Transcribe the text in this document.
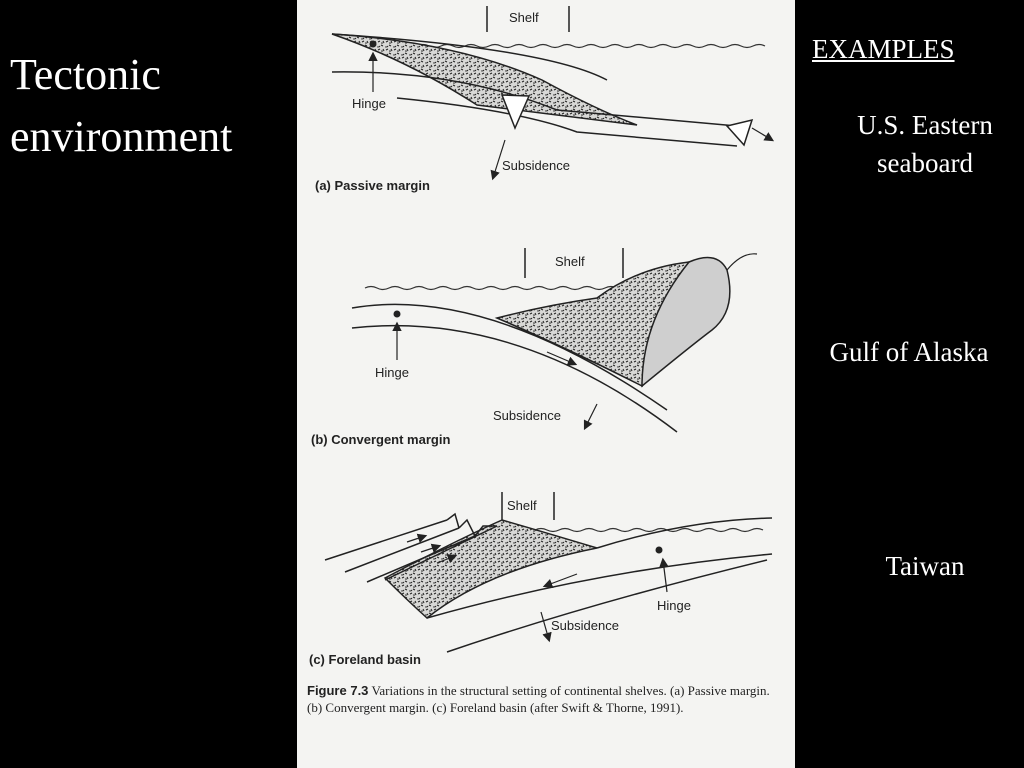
Tectonic environment
EXAMPLES
U.S. Eastern seaboard
Gulf of Alaska
Taiwan
Shelf
Hinge
Subsidence
(a) Passive margin
Shelf
Hinge
Subsidence
(b) Convergent margin
Shelf
Hinge
Subsidence
(c) Foreland basin
Figure 7.3 Variations in the structural setting of continental shelves. (a) Passive margin. (b) Convergent margin. (c) Foreland basin (after Swift & Thorne, 1991).
